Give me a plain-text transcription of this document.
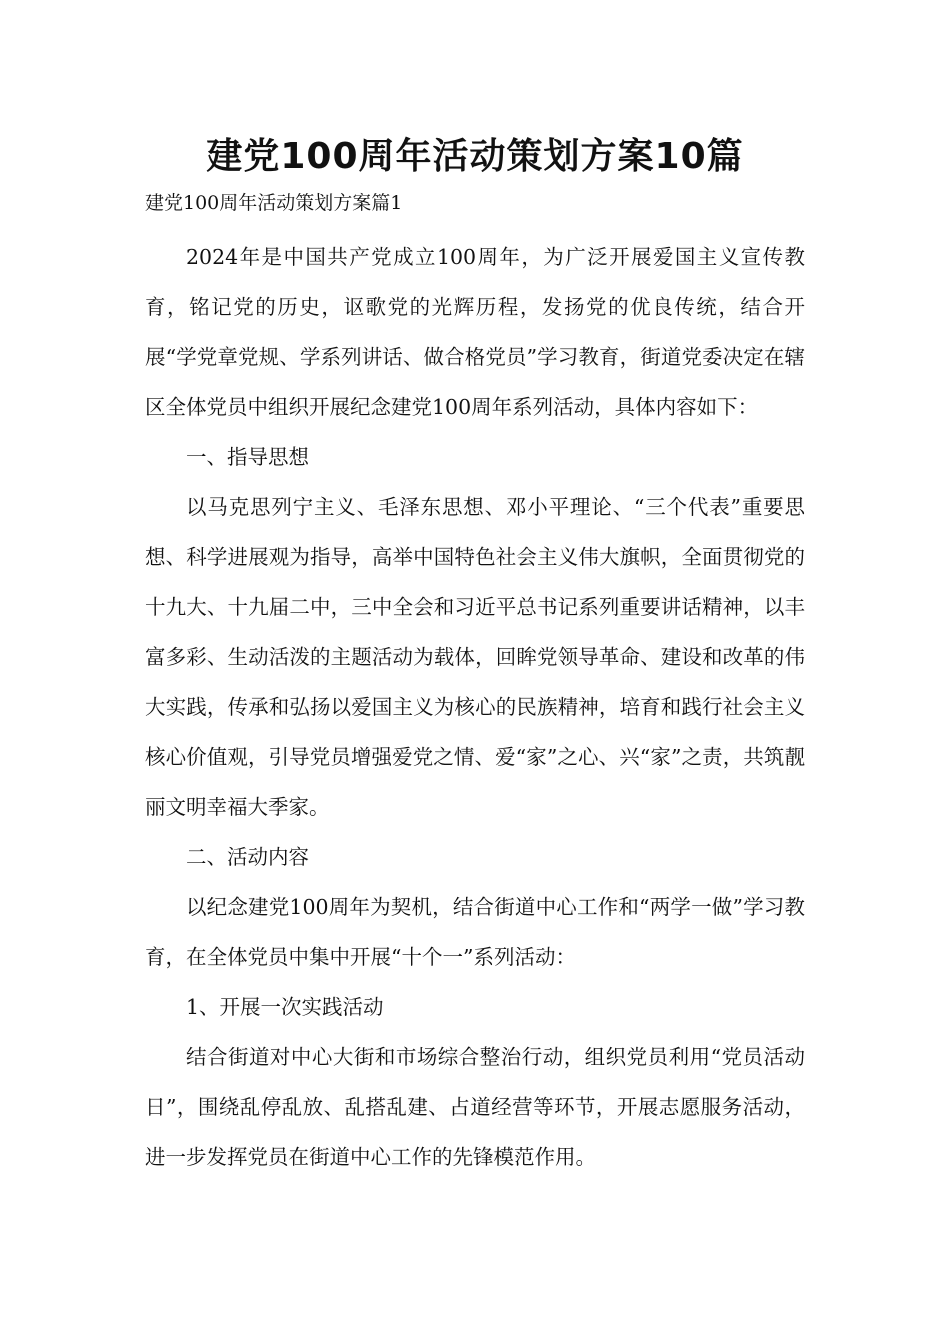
建党100周年活动策划方案10篇
建党100周年活动策划方案篇1

2024年是中国共产党成立100周年，为广泛开展爱国主义宣传教育，铭记党的历史，讴歌党的光辉历程，发扬党的优良传统，结合开展“学党章党规、学系列讲话、做合格党员”学习教育，街道党委决定在辖区全体党员中组织开展纪念建党100周年系列活动，具体内容如下：

一、指导思想

以马克思列宁主义、毛泽东思想、邓小平理论、“三个代表”重要思想、科学进展观为指导，高举中国特色社会主义伟大旗帜，全面贯彻党的十九大、十九届二中，三中全会和习近平总书记系列重要讲话精神，以丰富多彩、生动活泼的主题活动为载体，回眸党领导革命、建设和改革的伟大实践，传承和弘扬以爱国主义为核心的民族精神，培育和践行社会主义核心价值观，引导党员增强爱党之情、爱“家”之心、兴“家”之责，共筑靓丽文明幸福大季家。

二、活动内容

以纪念建党100周年为契机，结合街道中心工作和“两学一做”学习教育，在全体党员中集中开展“十个一”系列活动：

1、开展一次实践活动

结合街道对中心大街和市场综合整治行动，组织党员利用“党员活动日”，围绕乱停乱放、乱搭乱建、占道经营等环节，开展志愿服务活动，进一步发挥党员在街道中心工作的先锋模范作用。
